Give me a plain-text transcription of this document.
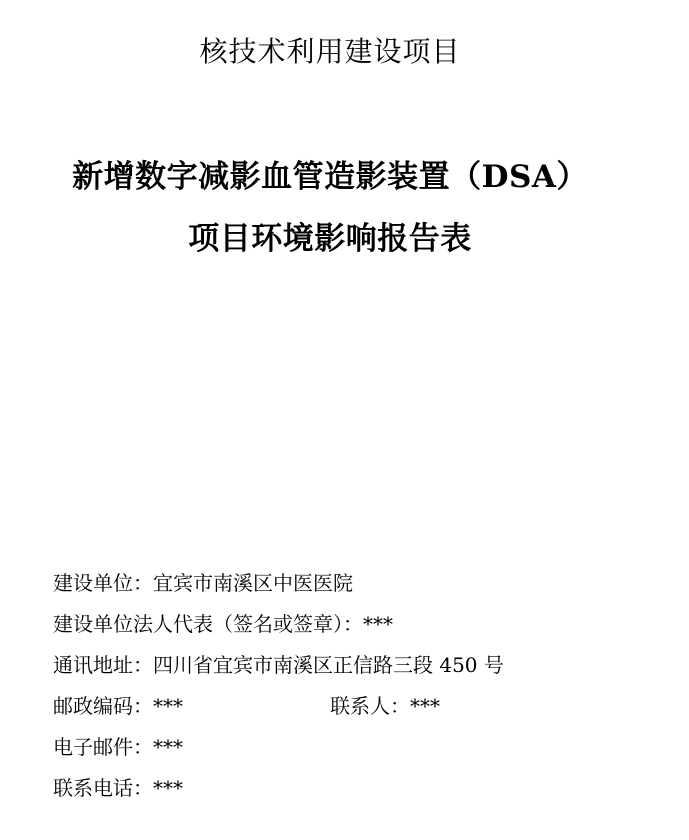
核技术利用建设项目
新增数字减影血管造影装置（DSA）
项目环境影响报告表
建设单位：宜宾市南溪区中医医院
建设单位法人代表（签名或签章）：***
通讯地址：四川省宜宾市南溪区正信路三段 450 号
邮政编码：***	联系人：***
电子邮件：***
联系电话：***
